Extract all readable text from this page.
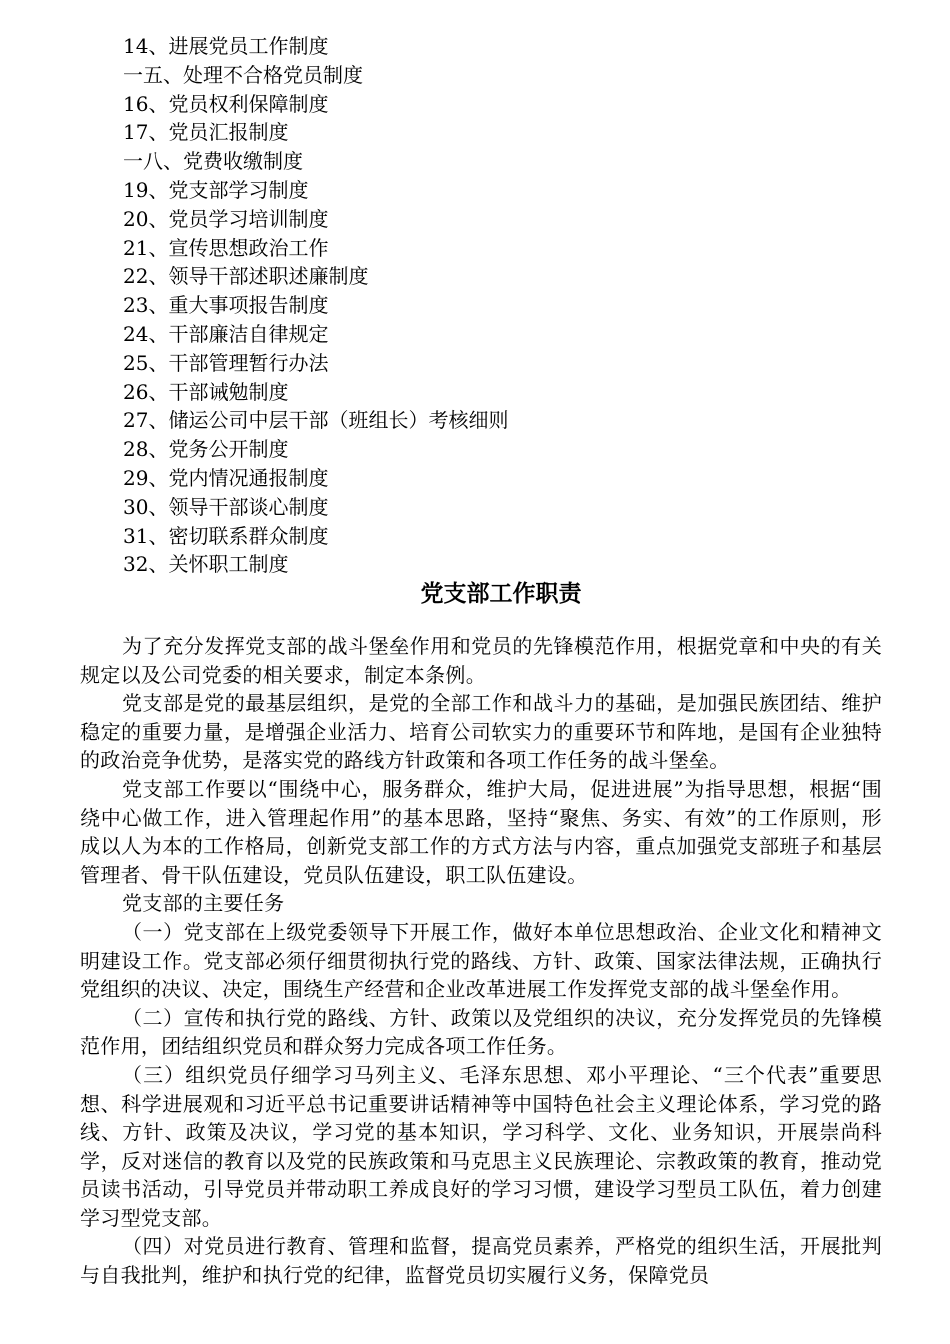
14、进展党员工作制度
一五、处理不合格党员制度
16、党员权利保障制度
17、党员汇报制度
一八、党费收缴制度
19、党支部学习制度
20、党员学习培训制度
21、宣传思想政治工作
22、领导干部述职述廉制度
23、重大事项报告制度
24、干部廉洁自律规定
25、干部管理暂行办法
26、干部诫勉制度
27、储运公司中层干部（班组长）考核细则
28、党务公开制度
29、党内情况通报制度
30、领导干部谈心制度
31、密切联系群众制度
32、关怀职工制度
党支部工作职责

为了充分发挥党支部的战斗堡垒作用和党员的先锋模范作用，根据党章和中央的有关规定以及公司党委的相关要求，制定本条例。

党支部是党的最基层组织，是党的全部工作和战斗力的基础，是加强民族团结、维护稳定的重要力量，是增强企业活力、培育公司软实力的重要环节和阵地，是国有企业独特的政治竞争优势，是落实党的路线方针政策和各项工作任务的战斗堡垒。

党支部工作要以“围绕中心，服务群众，维护大局，促进进展”为指导思想，根据“围绕中心做工作，进入管理起作用”的基本思路，坚持“聚焦、务实、有效”的工作原则，形成以人为本的工作格局，创新党支部工作的方式方法与内容，重点加强党支部班子和基层管理者、骨干队伍建设，党员队伍建设，职工队伍建设。

党支部的主要任务

（一）党支部在上级党委领导下开展工作，做好本单位思想政治、企业文化和精神文明建设工作。党支部必须仔细贯彻执行党的路线、方针、政策、国家法律法规，正确执行党组织的决议、决定，围绕生产经营和企业改革进展工作发挥党支部的战斗堡垒作用。

（二）宣传和执行党的路线、方针、政策以及党组织的决议，充分发挥党员的先锋模范作用，团结组织党员和群众努力完成各项工作任务。

（三）组织党员仔细学习马列主义、毛泽东思想、邓小平理论、“三个代表”重要思想、科学进展观和习近平总书记重要讲话精神等中国特色社会主义理论体系，学习党的路线、方针、政策及决议，学习党的基本知识，学习科学、文化、业务知识，开展崇尚科学，反对迷信的教育以及党的民族政策和马克思主义民族理论、宗教政策的教育，推动党员读书活动，引导党员并带动职工养成良好的学习习惯，建设学习型员工队伍，着力创建学习型党支部。

（四）对党员进行教育、管理和监督，提高党员素养，严格党的组织生活，开展批判与自我批判，维护和执行党的纪律，监督党员切实履行义务，保障党员
